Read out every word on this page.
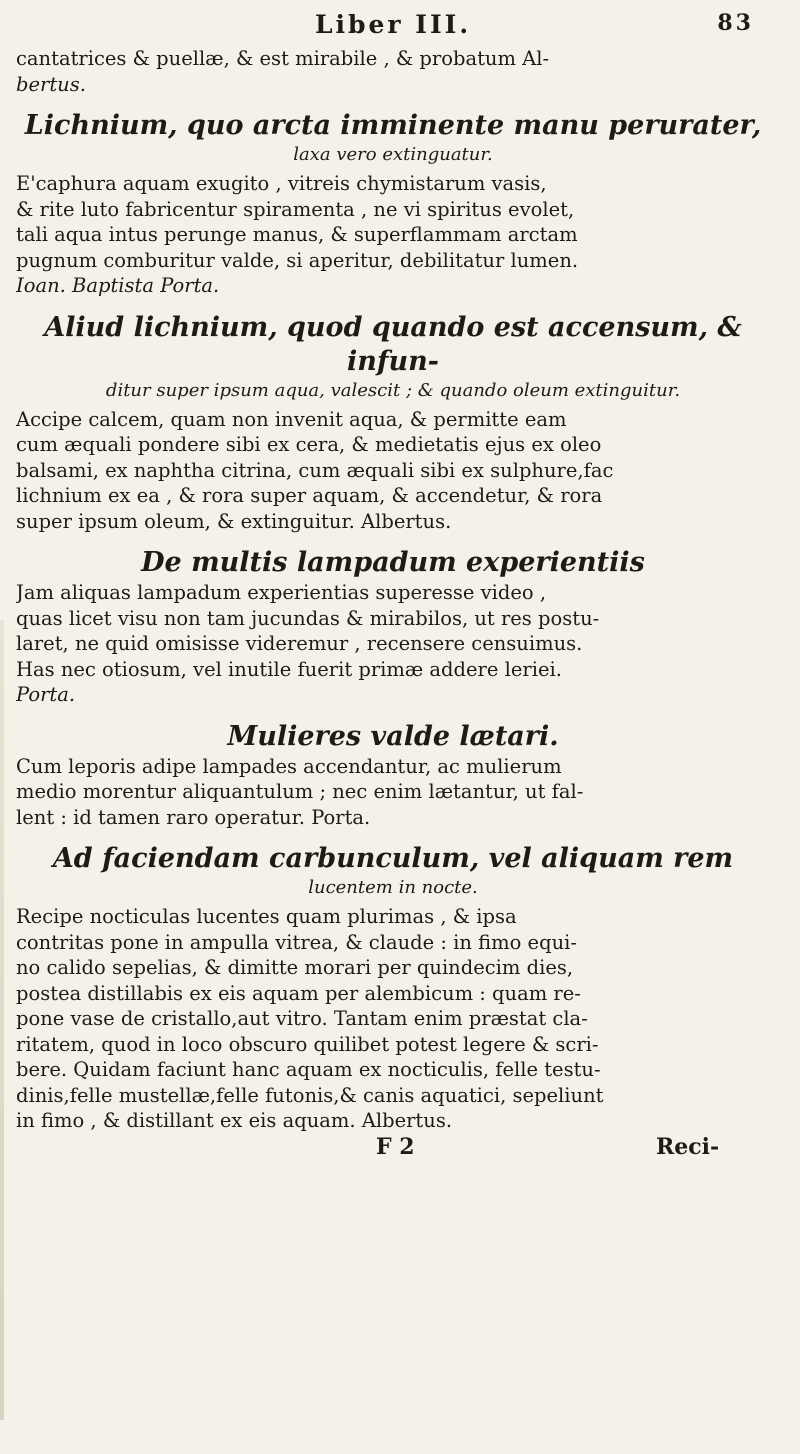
Liber III.	83

cantatrices & puellæ, & est mirabile , & probatum Al-
bertus.

Lichnium, quo arcta imminente manu perurater,
laxa vero extinguatur.

E'caphura aquam exugito , vitreis chymistarum vasis,
& rite luto fabricentur spiramenta , ne vi spiritus evolet,
tali aqua intus perunge manus, & superflammam arctam
pugnum comburitur valde, si aperitur, debilitatur lumen.
Ioan. Baptista Porta.

Aliud lichnium, quod quando est accensum, & infun-
ditur super ipsum aqua, valescit ; & quando oleum extinguitur.

Accipe calcem, quam non invenit aqua, & permitte eam
cum æquali pondere sibi ex cera, & medietatis ejus ex oleo
balsami, ex naphtha citrina, cum æquali sibi ex sulphure,fac
lichnium ex ea , & rora super aquam, & accendetur, & rora
super ipsum oleum, & extinguitur. Albertus.

De multis lampadum experientiis

Jam aliquas lampadum experientias superesse video ,
quas licet visu non tam jucundas & mirabilos, ut res postu-
laret, ne quid omisisse videremur , recensere censuimus.
Has nec otiosum, vel inutile fuerit primæ addere leriei.
Porta.

Mulieres valde lætari.

Cum leporis adipe lampades accendantur, ac mulierum
medio morentur aliquantulum ; nec enim lætantur, ut fal-
lent : id tamen raro operatur. Porta.

Ad faciendam carbunculum, vel aliquam rem
lucentem in nocte.

Recipe nocticulas lucentes quam plurimas , & ipsa
contritas pone in ampulla vitrea, & claude : in fimo equi-
no calido sepelias, & dimitte morari per quindecim dies,
postea distillabis ex eis aquam per alembicum : quam re-
pone vase de cristallo,aut vitro. Tantam enim præstat cla-
ritatem, quod in loco obscuro quilibet potest legere & scri-
bere. Quidam faciunt hanc aquam ex nocticulis, felle testu-
dinis,felle mustellæ,felle futonis,& canis aquatici, sepeliunt
in fimo , & distillant ex eis aquam. Albertus.

F 2	Reci-
